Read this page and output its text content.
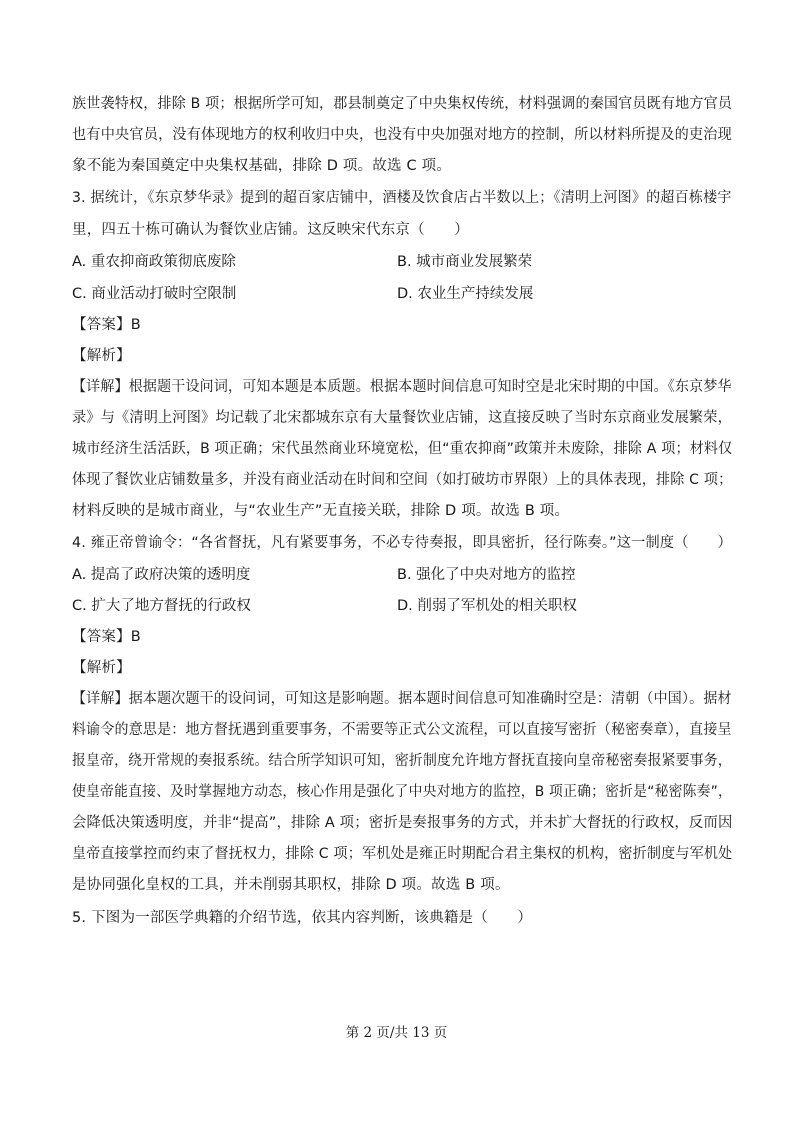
族世袭特权，排除 B 项；根据所学可知，郡县制奠定了中央集权传统，材料强调的秦国官员既有地方官员
也有中央官员，没有体现地方的权利收归中央，也没有中央加强对地方的控制，所以材料所提及的吏治现
象不能为秦国奠定中央集权基础，排除 D 项。故选 C 项。
3. 据统计，《东京梦华录》提到的超百家店铺中，酒楼及饮食店占半数以上；《清明上河图》的超百栋楼宇
里，四五十栋可确认为餐饮业店铺。这反映宋代东京（　　）
A. 重农抑商政策彻底废除	B. 城市商业发展繁荣
C. 商业活动打破时空限制	D. 农业生产持续发展
【答案】B
【解析】
【详解】根据题干设问词，可知本题是本质题。根据本题时间信息可知时空是北宋时期的中国。《东京梦华
录》与《清明上河图》均记载了北宋都城东京有大量餐饮业店铺，这直接反映了当时东京商业发展繁荣，
城市经济生活活跃，B 项正确；宋代虽然商业环境宽松，但“重农抑商”政策并未废除，排除 A 项；材料仅
体现了餐饮业店铺数量多，并没有商业活动在时间和空间（如打破坊市界限）上的具体表现，排除 C 项；
材料反映的是城市商业，与“农业生产”无直接关联，排除 D 项。故选 B 项。
4. 雍正帝曾谕令：“各省督抚，凡有紧要事务，不必专待奏报，即具密折，径行陈奏。”这一制度（　　）
A. 提高了政府决策的透明度	B. 强化了中央对地方的监控
C. 扩大了地方督抚的行政权	D. 削弱了军机处的相关职权
【答案】B
【解析】
【详解】据本题次题干的设问词，可知这是影响题。据本题时间信息可知准确时空是：清朝（中国）。据材
料谕令的意思是：地方督抚遇到重要事务，不需要等正式公文流程，可以直接写密折（秘密奏章），直接呈
报皇帝，绕开常规的奏报系统。结合所学知识可知，密折制度允许地方督抚直接向皇帝秘密奏报紧要事务，
使皇帝能直接、及时掌握地方动态，核心作用是强化了中央对地方的监控，B 项正确；密折是“秘密陈奏”，
会降低决策透明度，并非“提高”，排除 A 项；密折是奏报事务的方式，并未扩大督抚的行政权，反而因
皇帝直接掌控而约束了督抚权力，排除 C 项；军机处是雍正时期配合君主集权的机构，密折制度与军机处
是协同强化皇权的工具，并未削弱其职权，排除 D 项。故选 B 项。
5. 下图为一部医学典籍的介绍节选，依其内容判断，该典籍是（　　）
第 2 页/共 13 页
